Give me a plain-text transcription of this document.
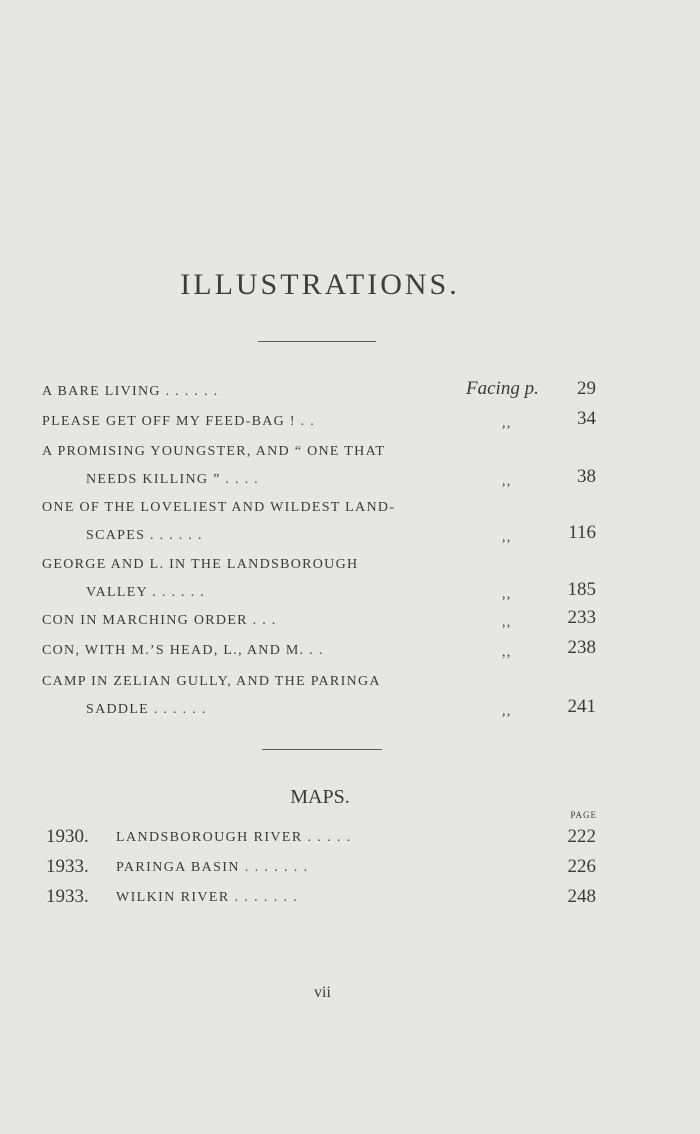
ILLUSTRATIONS.
A BARE LIVING . . . . . .	Facing p. 29
PLEASE GET OFF MY FEED-BAG ! . .	,,	34
A PROMISING YOUNGSTER, AND “ ONE THAT
NEEDS KILLING ” . . . .	,,	38
ONE OF THE LOVELIEST AND WILDEST LAND-
SCAPES . . . . . .	,,	116
GEORGE AND L. IN THE LANDSBOROUGH
VALLEY . . . . . .	,,	185
CON IN MARCHING ORDER . . .	,,	233
CON, WITH M.’S HEAD, L., AND M. . .	,,	238
CAMP IN ZELIAN GULLY, AND THE PARINGA
SADDLE . . . . . .	,,	241
MAPS.
PAGE
1930. LANDSBOROUGH RIVER . . . . .	222
1933. PARINGA BASIN . . . . . . .	226
1933. WILKIN RIVER . . . . . . .	248
vii
